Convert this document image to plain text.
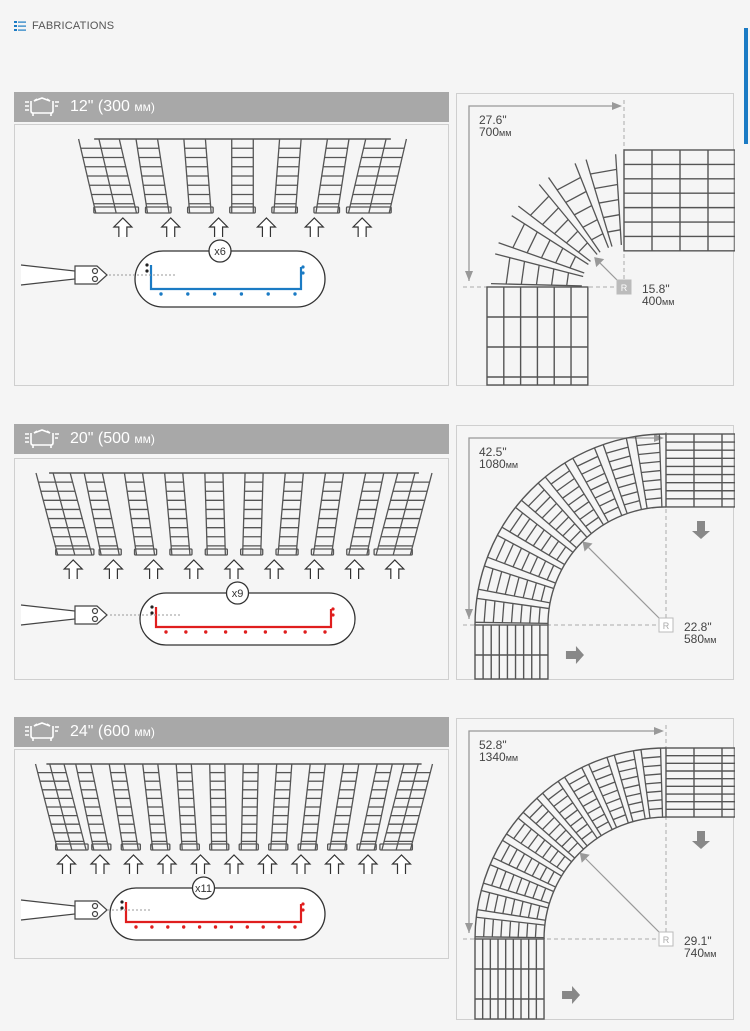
FABRICATIONS
12" (300 мм)
x6
R
27.6"
700мм
15.8"
400мм
20" (500 мм)
x9
R
42.5"
1080мм
22.8"
580мм
24" (600 мм)
x11
R
52.8"
1340мм
29.1"
740мм
